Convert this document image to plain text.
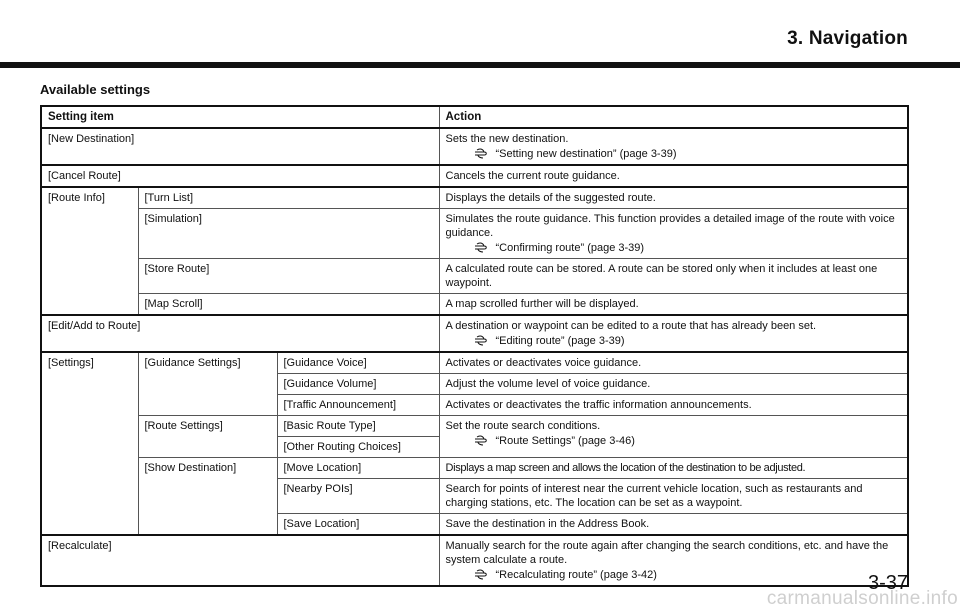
3. Navigation
Available settings
Setting item			Action
[New Destination]			Sets the new destination.
“Setting new destination” (page 3-39)

[Cancel Route]			Cancels the current route guidance.
[Route Info]	[Turn List]		Displays the details of the suggested route.
	[Simulation]		Simulates the route guidance. This function provides a detailed image of the route with voice guidance.
“Confirming route” (page 3-39)

	[Store Route]		A calculated route can be stored. A route can be stored only when it includes at least one waypoint.
	[Map Scroll]		A map scrolled further will be displayed.
[Edit/Add to Route]			A destination or waypoint can be edited to a route that has already been set.
“Editing route” (page 3-39)

[Settings]	[Guidance Settings]	[Guidance Voice]	Activates or deactivates voice guidance.
		[Guidance Volume]	Adjust the volume level of voice guidance.
		[Traffic Announcement]	Activates or deactivates the traffic information announcements.
	[Route Settings]	[Basic Route Type]	Set the route search conditions.
“Route Settings” (page 3-46)

		[Other Routing Choices]	
	[Show Destination]	[Move Location]	Displays a map screen and allows the location of the destination to be adjusted.
		[Nearby POIs]	Search for points of interest near the current vehicle location, such as restaurants and charging stations, etc. The location can be set as a waypoint.
		[Save Location]	Save the destination in the Address Book.
[Recalculate]			Manually search for the route again after changing the search conditions, etc. and have the system calculate a route.
“Recalculating route” (page 3-42)	3-37
carmanualsonline.info
